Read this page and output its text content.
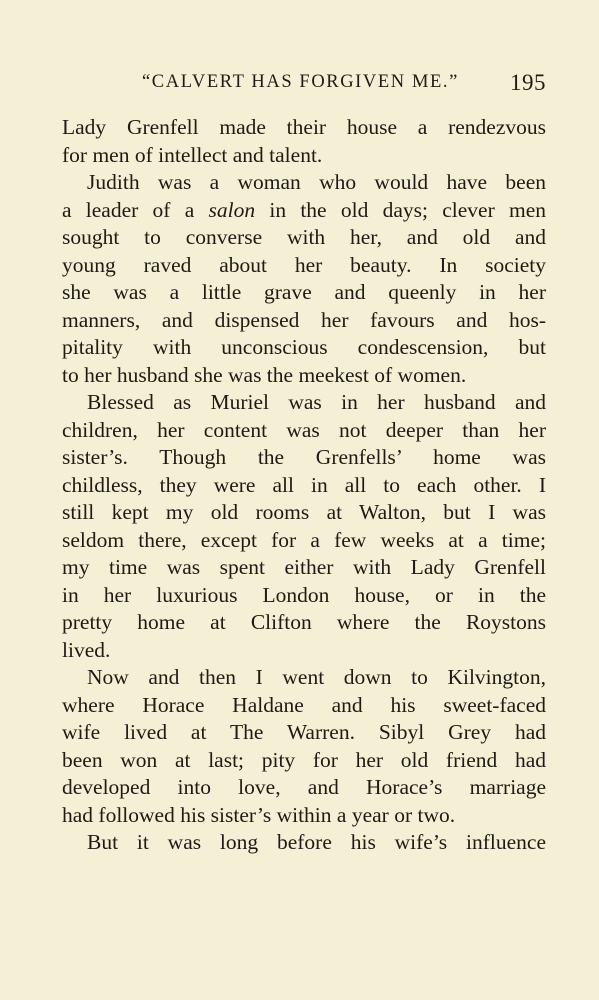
“CALVERT HAS FORGIVEN ME.” 195
Lady Grenfell made their house a rendezvous
for men of intellect and talent.
Judith was a woman who would have been
a leader of a salon in the old days; clever men
sought to converse with her, and old and
young raved about her beauty. In society
she was a little grave and queenly in her
manners, and dispensed her favours and hos-
pitality with unconscious condescension, but
to her husband she was the meekest of women.
Blessed as Muriel was in her husband and
children, her content was not deeper than her
sister’s. Though the Grenfells’ home was
childless, they were all in all to each other. I
still kept my old rooms at Walton, but I was
seldom there, except for a few weeks at a time;
my time was spent either with Lady Grenfell
in her luxurious London house, or in the
pretty home at Clifton where the Roystons
lived.
Now and then I went down to Kilvington,
where Horace Haldane and his sweet-faced
wife lived at The Warren. Sibyl Grey had
been won at last; pity for her old friend had
developed into love, and Horace’s marriage
had followed his sister’s within a year or two.
But it was long before his wife’s influence
